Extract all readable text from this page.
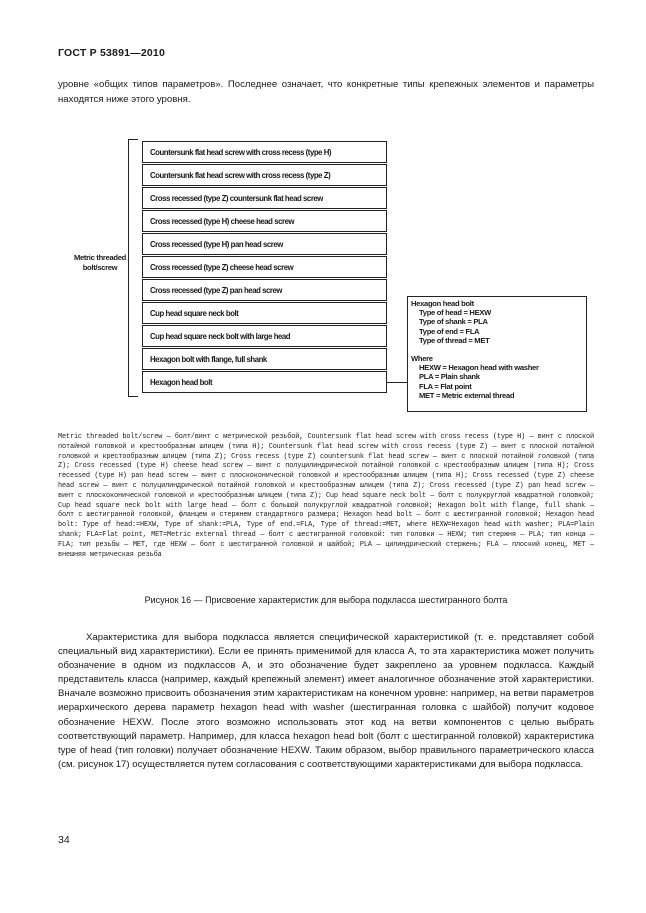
ГОСТ Р 53891—2010

уровне «общих типов параметров». Последнее означает, что конкретные типы крепежных элементов и параметры находятся ниже этого уровня.

Metric threaded bolt/screw
Countersunk flat head screw with cross recess (type H)
Countersunk flat head screw with cross recess (type Z)
Cross recessed (type Z) countersunk flat head screw
Cross recessed (type H) cheese head screw
Cross recessed (type H) pan head screw
Cross recessed (type Z) cheese head screw
Cross recessed (type Z) pan head screw
Cup head square neck bolt
Cup head square neck bolt with large head
Hexagon bolt with flange, full shank
Hexagon head bolt
Hexagon head bolt
Type of head = HEXW
Type of shank = PLA
Type of end = FLA
Type of thread = MET
Where
HEXW = Hexagon head with washer
PLA = Plain shank
FLA = Flat point
MET = Metric external thread

Metric threaded bolt/screw — болт/винт с метрической резьбой, Countersunk flat head screw with cross recess (type H) — винт с плоской потайной головкой и крестообразным шлицем (типа H); Countersunk flat head screw with cross recess (type Z) — винт с плоской потайной головкой и крестообразным шлицем (типа Z); Cross recess (type Z) countersunk flat head screw — винт с плоской потайной головкой (типа Z); Cross recessed (type H) cheese head screw — винт с полуцилиндрической потайной головкой с крестообразным шлицем (типа H); Cross recessed (type H) pan head screw — винт с плоскоконической головкой и крестообразным шлицем (типа H); Cross recessed (type Z) cheese head screw — винт с полуцилиндрической потайной головкой и крестообразным шлицем (типа Z); Cross recessed (type Z) pan head screw — винт с плоскоконической головкой и крестообразным шлицем (типа Z); Cup head square neck bolt — болт с полукруглой квадратной головкой; Cup head square neck bolt with large head — болт с большой полукруглой квадратной головкой; Hexagon bolt with flange, full shank — болт с шестигранной головкой, фланцем и стержнем стандартного размера; Hexagon head bolt — болт с шестигранной головкой; Hexagon head bolt: Type of head:=HEXW, Type of shank:=PLA, Type of end.=FLA, Type of thread:=MET, where HEXW=Hexagon head with washer; PLA=Plain shank; FLA=Flat point, MET=Metric external thread — болт с шестигранной головкой: тип головки — HEXW; тип стержня — PLA; тип конца — FLA; тип резьбы — MET, где HEXW — болт с шестигранной головкой и шайбой; PLA — цилиндрический стержень; FLA — плоский конец, MET — внешняя метрическая резьба

Рисунок 16 — Присвоение характеристик для выбора подкласса шестигранного болта

Характеристика для выбора подкласса является специфической характеристикой (т. е. представляет собой специальный вид характеристики). Если ее принять применимой для класса А, то эта характеристика может получить обозначение в одном из подклассов А, и это обозначение будет закреплено за уровнем подкласса. Каждый представитель класса (например, каждый крепежный элемент) имеет аналогичное обозначение этой характеристики. Вначале возможно присвоить обозначения этим характеристикам на конечном уровне: например, на ветви параметров иерархического дерева параметр hexagon head with washer (шестигранная головка с шайбой) получит кодовое обозначение HEXW. После этого возможно использовать этот код на ветви компонентов с целью выбрать соответствующий параметр. Например, для класса hexagon head bolt (болт с шестигранной головкой) характеристика type of head (тип головки) получает обозначение HEXW. Таким образом, выбор правильного параметрического класса (см. рисунок 17) осуществляется путем согласования с соответствующими характеристиками для выбора подкласса.

34
